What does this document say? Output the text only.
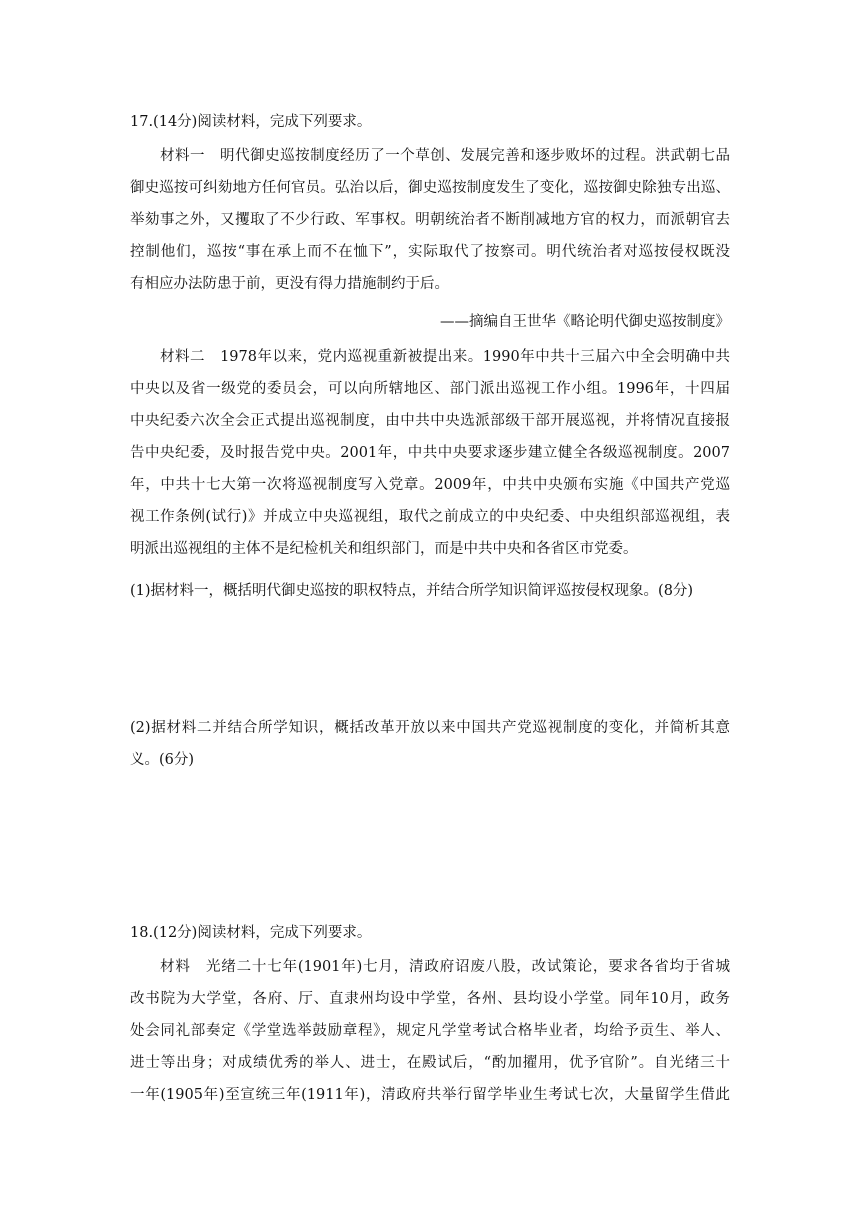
17.(14分)阅读材料，完成下列要求。
材料一　明代御史巡按制度经历了一个草创、发展完善和逐步败坏的过程。洪武朝七品
御史巡按可纠劾地方任何官员。弘治以后，御史巡按制度发生了变化，巡按御史除独专出巡、
举劾事之外，又攫取了不少行政、军事权。明朝统治者不断削减地方官的权力，而派朝官去
控制他们，巡按“事在承上而不在恤下”，实际取代了按察司。明代统治者对巡按侵权既没
有相应办法防患于前，更没有得力措施制约于后。
——摘编自王世华《略论明代御史巡按制度》
材料二　1978年以来，党内巡视重新被提出来。1990年中共十三届六中全会明确中共
中央以及省一级党的委员会，可以向所辖地区、部门派出巡视工作小组。1996年，十四届
中央纪委六次全会正式提出巡视制度，由中共中央选派部级干部开展巡视，并将情况直接报
告中央纪委，及时报告党中央。2001年，中共中央要求逐步建立健全各级巡视制度。2007
年，中共十七大第一次将巡视制度写入党章。2009年，中共中央颁布实施《中国共产党巡
视工作条例(试行)》并成立中央巡视组，取代之前成立的中央纪委、中央组织部巡视组，表
明派出巡视组的主体不是纪检机关和组织部门，而是中共中央和各省区市党委。
(1)据材料一，概括明代御史巡按的职权特点，并结合所学知识简评巡按侵权现象。(8分)
(2)据材料二并结合所学知识，概括改革开放以来中国共产党巡视制度的变化，并简析其意
义。(6分)
18.(12分)阅读材料，完成下列要求。
材料　光绪二十七年(1901年)七月，清政府诏废八股，改试策论，要求各省均于省城
改书院为大学堂，各府、厅、直隶州均设中学堂，各州、县均设小学堂。同年10月，政务
处会同礼部奏定《学堂选举鼓励章程》，规定凡学堂考试合格毕业者，均给予贡生、举人、
进士等出身；对成绩优秀的举人、进士，在殿试后，“酌加擢用，优予官阶”。自光绪三十
一年(1905年)至宣统三年(1911年)，清政府共举行留学毕业生考试七次，大量留学生借此
